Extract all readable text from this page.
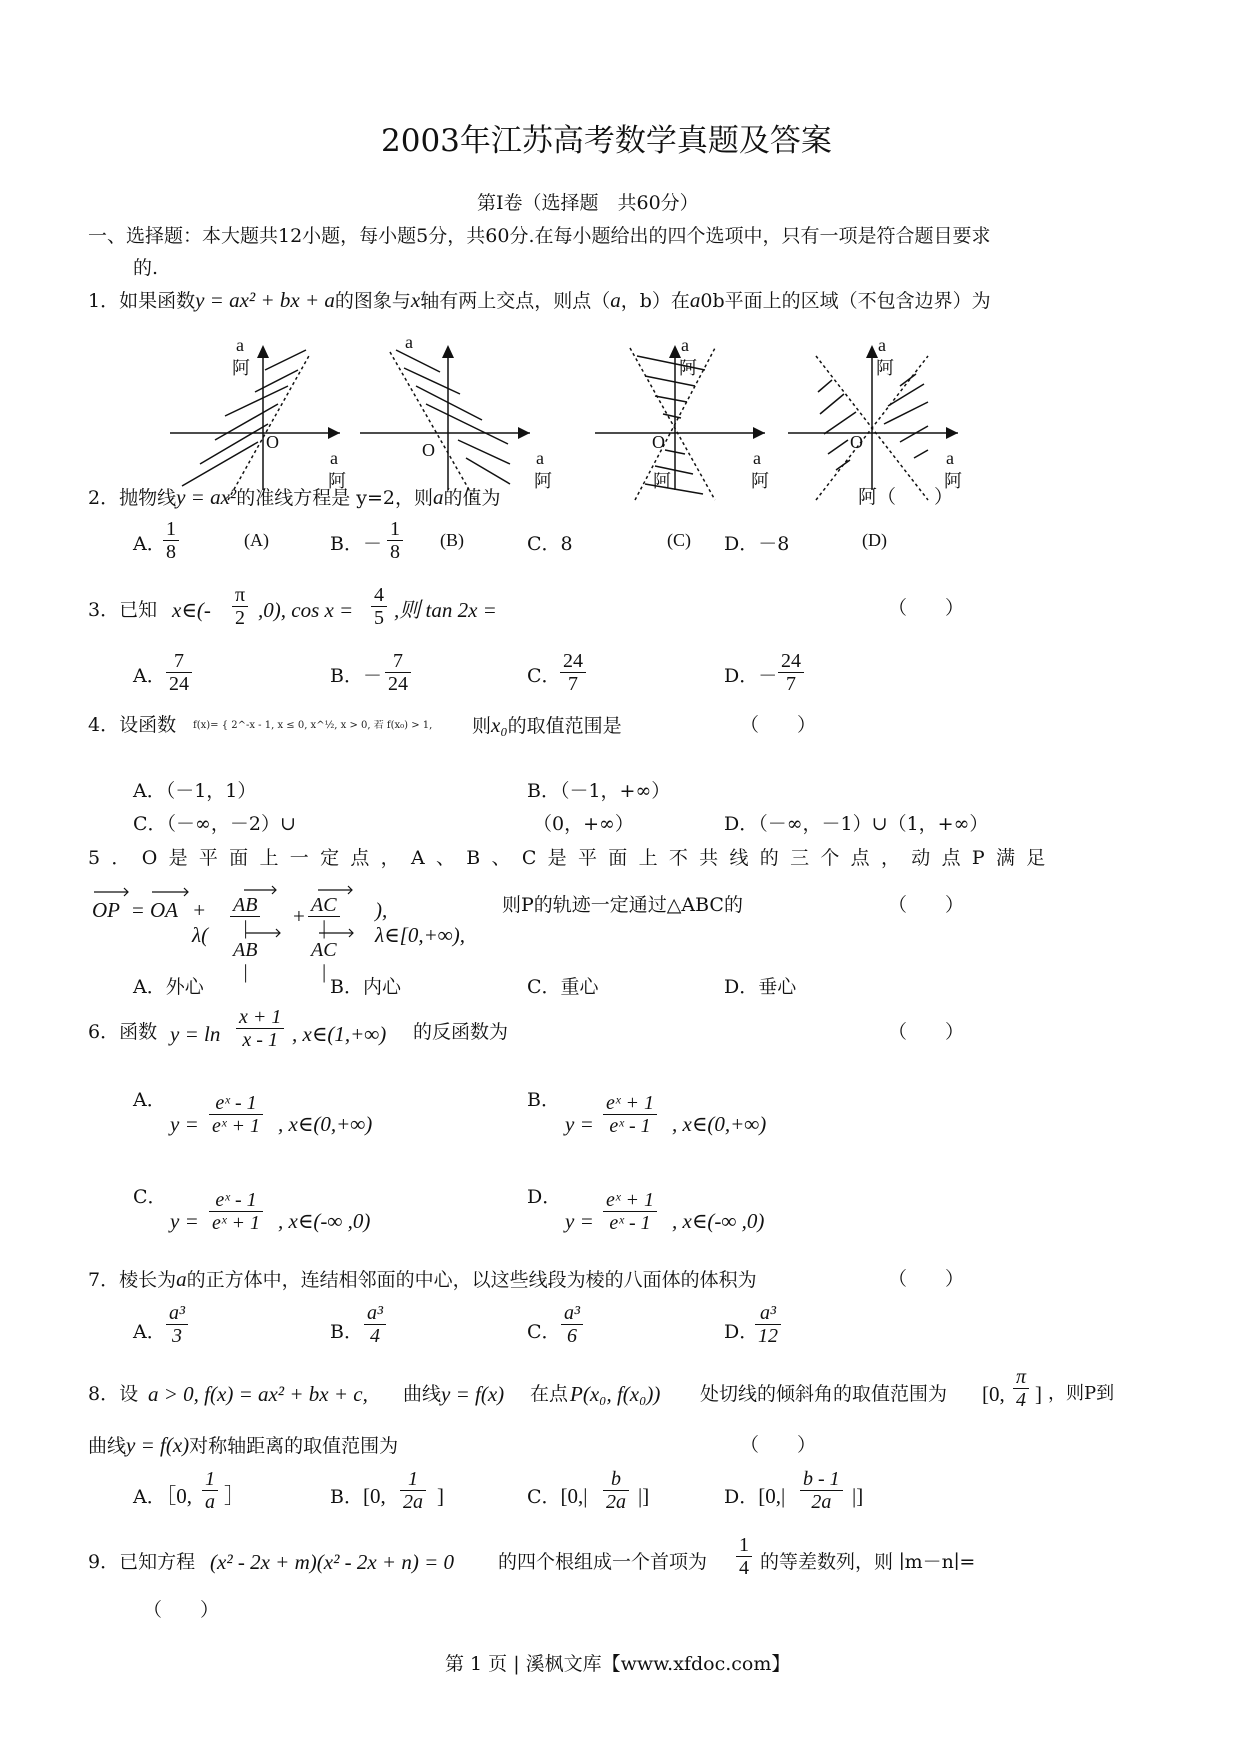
2003年江苏高考数学真题及答案
第Ⅰ卷（选择题　共60分）
一、选择题：本大题共12小题，每小题5分，共60分.在每小题给出的四个选项中，只有一项是符合题目要求
的.
1．如果函数y = ax² + bx + a的图象与x轴有两上交点，则点（a，b）在a0b平面上的区域（不包含边界）为
a
阿
O
a
阿
a
O	a
阿
a
阿
O
阿
a
阿
a
阿
O
a
阿
2．抛物线y = ax²的准线方程是 y=2，则a的值为	阿（　　）
A．
$\frac{1}{8}$	(A)	B．－ $\frac{1}{8} (B)$	C．8	(C) D．－8	(D)
3．已知 x∈(- $\frac{\pi}{2} ,0$), $\cos x = \frac{4}{5}$ ,则 tan 2x =	（　　）
A． $\frac{7}{24}$	B．－ $\frac{7}{24}$	C． $\frac{24}{7}$	D．－ $\frac{24}{7}$
4．设函数 f(x)= { 2^-x - 1, x ≤ 0, x^½, x > 0, 若 f(x₀) > 1,	则x₀的取值范围是	（　　）
A．（－1，1）	B．（－1，+∞）
C．（－∞，－2）∪	（0，+∞）	D．（－∞，－1）∪（1，+∞）
5．O是平面上一定点，A、B、C是平面上不共线的三个点，动点P满足
OP = OA + $\lambda( \frac{AB}{| AB |} + \frac{AC}{| AC |}$ ), λ∈[0,+∞),
则P的轨迹一定通过△ABC的	（　　）
A．外心	B．内心	C．重心	D．垂心
6．函数 $y = \ln \frac{x + 1}{x - 1}$ , x∈(1,+∞) 的反函数为	（　　）
A．
$y = \frac{\text{eˣ - 1}}{\text{eˣ + 1}}$ , x∈(0,+∞)
B．
$y = \frac{\text{eˣ + 1}}{\text{eˣ - 1}}$ , x∈(0,+∞)
C．
$y = \frac{\text{eˣ - 1}}{\text{eˣ + 1}}$ , x∈(-∞ ,0)
D．
$y = \frac{\text{eˣ + 1}}{\text{eˣ - 1}}$ , x∈(-∞ ,0)
7．棱长为a的正方体中，连结相邻面的中心，以这些线段为棱的八面体的体积为	（　　）
A． $\frac{\text{a³}}{3}$	B． $\frac{\text{a³}}{4}$	C． $\frac{\text{a³}}{6}$	D．
$\frac{\text{a³}}{12}$
8．设 a > 0, f(x) = ax² + bx + c, 曲线 y = f(x) 在点 P(x₀, f(x₀)) 处切线的倾斜角的取值范围为 [0, $\frac{\pi}{4}$ ] ，则P到
曲线y = f(x)对称轴距离的取值范围为	（　　）
A．［0, $\frac{1}{a}$ ］	B．[0, $\frac{1}{2a}$ ]	C．[$0,| \frac{b}{2a}$ |]	D．[$0,| \frac{b - 1}{2a}$ |]
9．已知方程 (x² - 2x + m)(x² - 2x + n) = 0 的四个根组成一个首项为 $\frac{1}{4}$ 的等差数列，则 ∣m－n∣=
（　　）
第 1 页 | 溪枫文库【www.xfdoc.com】
